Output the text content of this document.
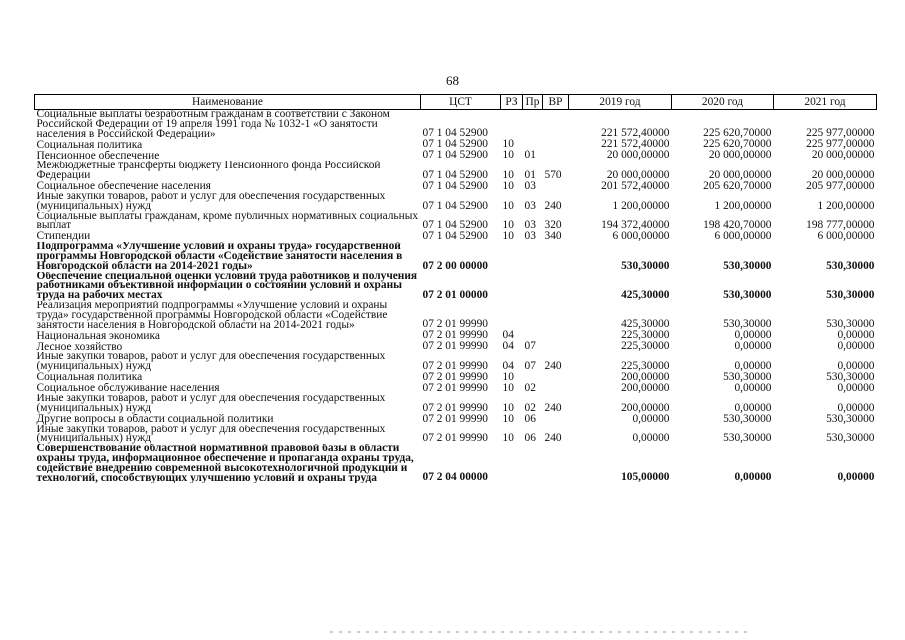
68
Наименование	ЦСТ	РЗ	Пр	ВР	2019 год	2020 год	2021 год
Социальные выплаты безработным гражданам в соответствии с Законом Российской Федерации от 19 апреля 1991 года № 1032-1 «О занятости населения в Российской Федерации»	07 1 04 52900				221 572,40000	225 620,70000	225 977,00000
Социальная политика	07 1 04 52900	10			221 572,40000	225 620,70000	225 977,00000
Пенсионное обеспечение	07 1 04 52900	10	01		20 000,00000	20 000,00000	20 000,00000
Межбюджетные трансферты бюджету Пенсионного фонда Российской Федерации	07 1 04 52900	10	01	570	20 000,00000	20 000,00000	20 000,00000
Социальное обеспечение населения	07 1 04 52900	10	03		201 572,40000	205 620,70000	205 977,00000
Иные закупки товаров, работ и услуг для обеспечения государственных (муниципальных) нужд	07 1 04 52900	10	03	240	1 200,00000	1 200,00000	1 200,00000
Социальные выплаты гражданам, кроме публичных нормативных социальных выплат	07 1 04 52900	10	03	320	194 372,40000	198 420,70000	198 777,00000
Стипендии	07 1 04 52900	10	03	340	6 000,00000	6 000,00000	6 000,00000
Подпрограмма «Улучшение условий и охраны труда» государственной программы Новгородской области «Содействие занятости населения в Новгородской области на 2014-2021 годы»	07 2 00 00000				530,30000	530,30000	530,30000
Обеспечение специальной оценки условий труда работников и получения работниками объективной информации о состоянии условий и охраны труда на рабочих местах	07 2 01 00000				425,30000	530,30000	530,30000
Реализация мероприятий подпрограммы «Улучшение условий и охраны труда» государственной программы Новгородской области «Содействие занятости населения в Новгородской области на 2014-2021 годы»	07 2 01 99990				425,30000	530,30000	530,30000
Национальная экономика	07 2 01 99990	04			225,30000	0,00000	0,00000
Лесное хозяйство	07 2 01 99990	04	07		225,30000	0,00000	0,00000
Иные закупки товаров, работ и услуг для обеспечения государственных (муниципальных) нужд	07 2 01 99990	04	07	240	225,30000	0,00000	0,00000
Социальная политика	07 2 01 99990	10			200,00000	530,30000	530,30000
Социальное обслуживание населения	07 2 01 99990	10	02		200,00000	0,00000	0,00000
Иные закупки товаров, работ и услуг для обеспечения государственных (муниципальных) нужд	07 2 01 99990	10	02	240	200,00000	0,00000	0,00000
Другие вопросы в области социальной политики	07 2 01 99990	10	06		0,00000	530,30000	530,30000
Иные закупки товаров, работ и услуг для обеспечения государственных (муниципальных) нужд	07 2 01 99990	10	06	240	0,00000	530,30000	530,30000
Совершенствование областной нормативной правовой базы в области охраны труда, информационное обеспечение и пропаганда охраны труда, содействие внедрению современной высокотехнологичной продукции и технологий, способствующих улучшению условий и охраны труда	07 2 04 00000				105,00000	0,00000	0,00000
